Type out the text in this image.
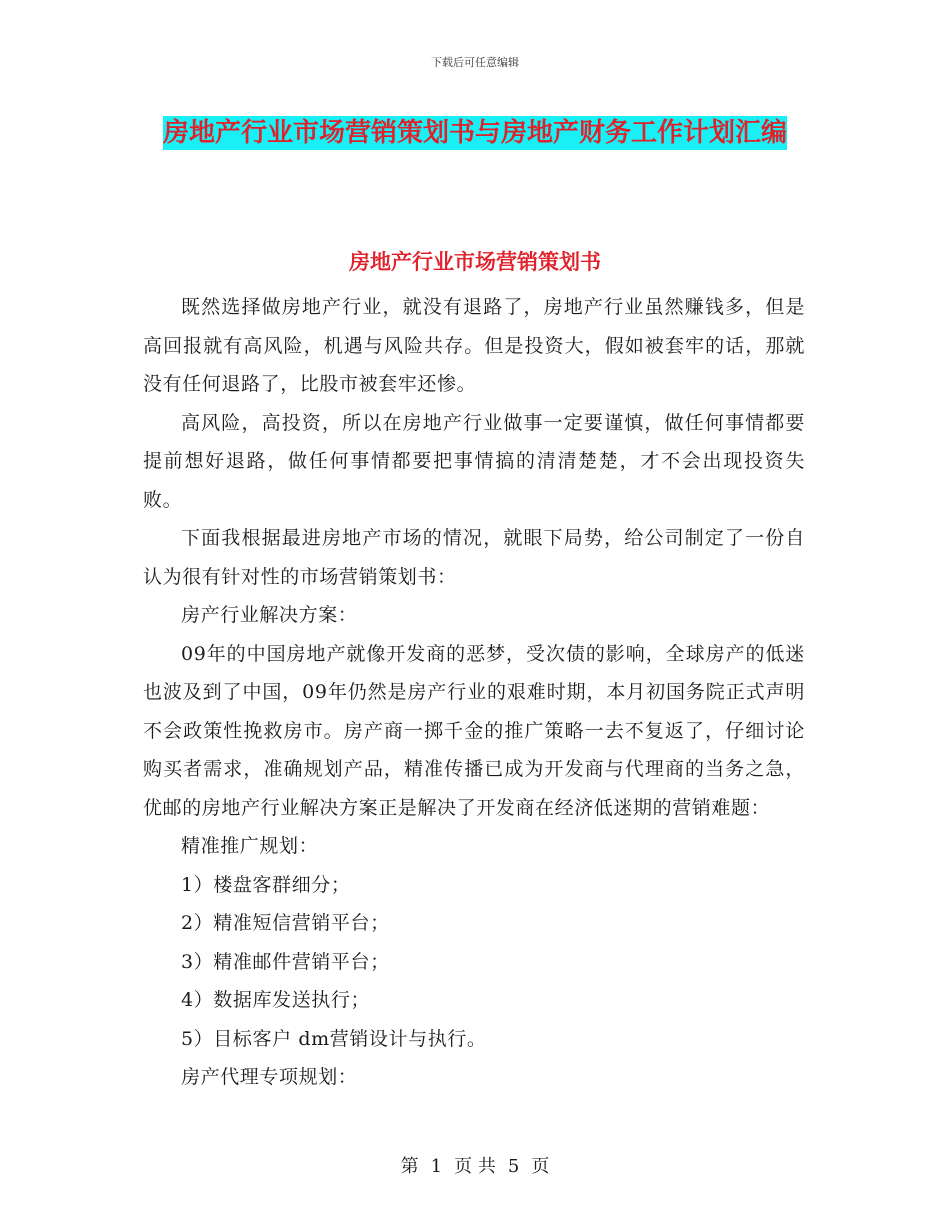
下载后可任意编辑
房地产行业市场营销策划书与房地产财务工作计划汇编
房地产行业市场营销策划书

既然选择做房地产行业，就没有退路了，房地产行业虽然赚钱多，但是高回报就有高风险，机遇与风险共存。但是投资大，假如被套牢的话，那就没有任何退路了，比股市被套牢还惨。

高风险，高投资，所以在房地产行业做事一定要谨慎，做任何事情都要提前想好退路，做任何事情都要把事情搞的清清楚楚，才不会出现投资失败。

下面我根据最进房地产市场的情况，就眼下局势，给公司制定了一份自认为很有针对性的市场营销策划书：

房产行业解决方案：

09年的中国房地产就像开发商的恶梦，受次债的影响，全球房产的低迷也波及到了中国，09年仍然是房产行业的艰难时期，本月初国务院正式声明不会政策性挽救房市。房产商一掷千金的推广策略一去不复返了，仔细讨论购买者需求，准确规划产品，精准传播已成为开发商与代理商的当务之急，优邮的房地产行业解决方案正是解决了开发商在经济低迷期的营销难题：

精准推广规划：

1）楼盘客群细分；

2）精准短信营销平台；

3）精准邮件营销平台；

4）数据库发送执行；

5）目标客户 dm营销设计与执行。

房产代理专项规划：

第 1 页 共 5 页
